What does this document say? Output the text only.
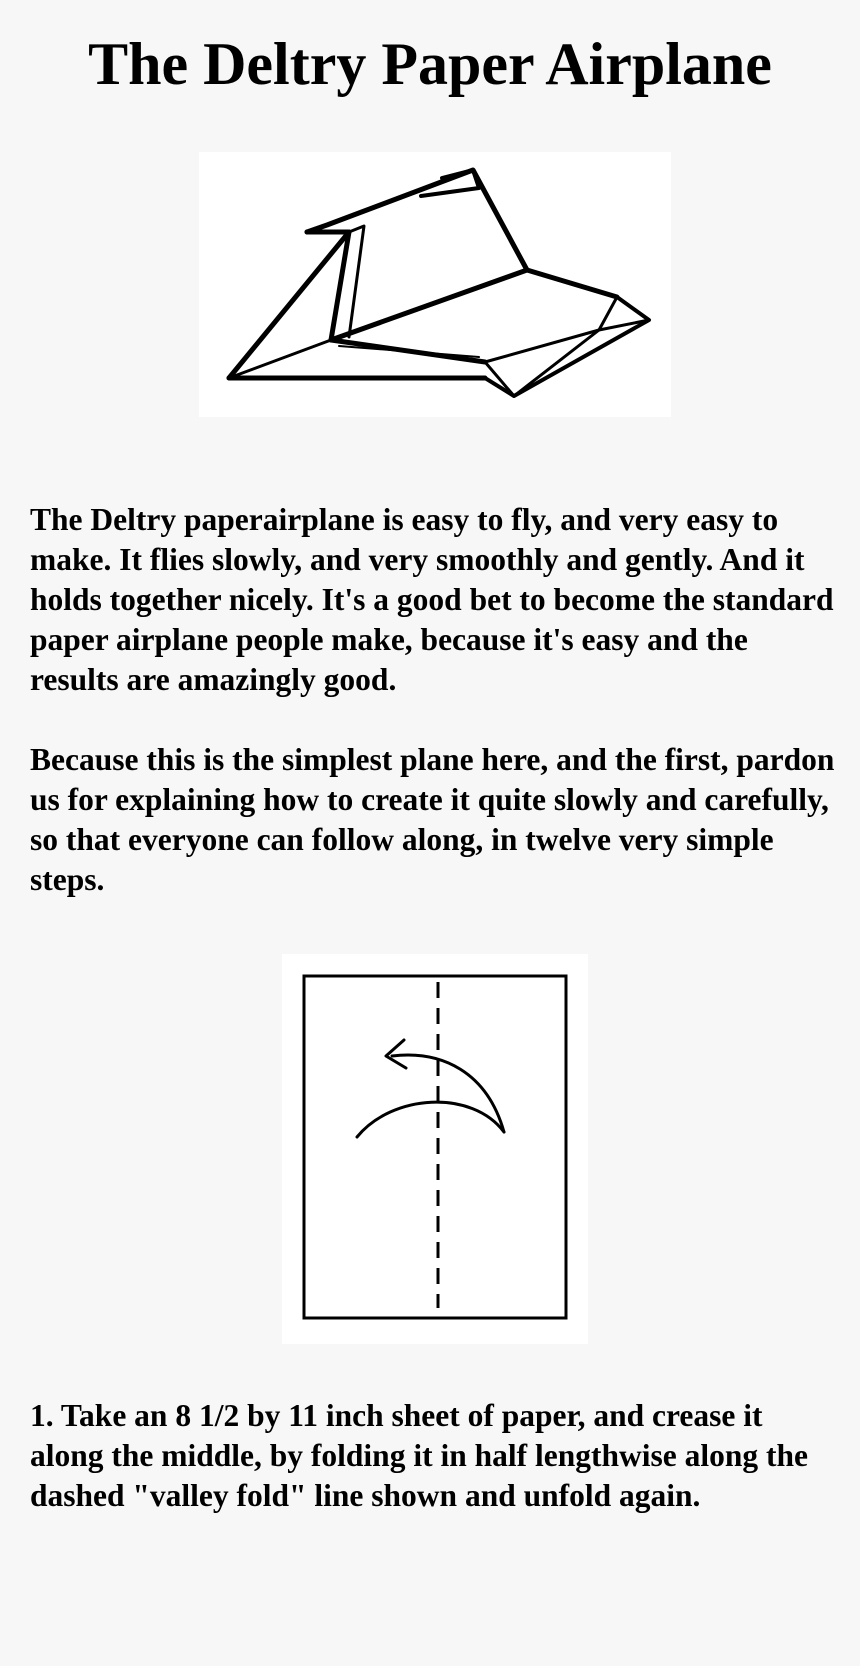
The Deltry Paper Airplane

The Deltry paperairplane is easy to fly, and very easy to make. It flies slowly, and very smoothly and gently. And it holds together nicely. It's a good bet to become the standard paper airplane people make, because it's easy and the results are amazingly good.

Because this is the simplest plane here, and the first, pardon us for explaining how to create it quite slowly and carefully, so that everyone can follow along, in twelve very simple steps.

1. Take an 8 1/2 by 11 inch sheet of paper, and crease it along the middle, by folding it in half lengthwise along the dashed "valley fold" line shown and unfold again.
